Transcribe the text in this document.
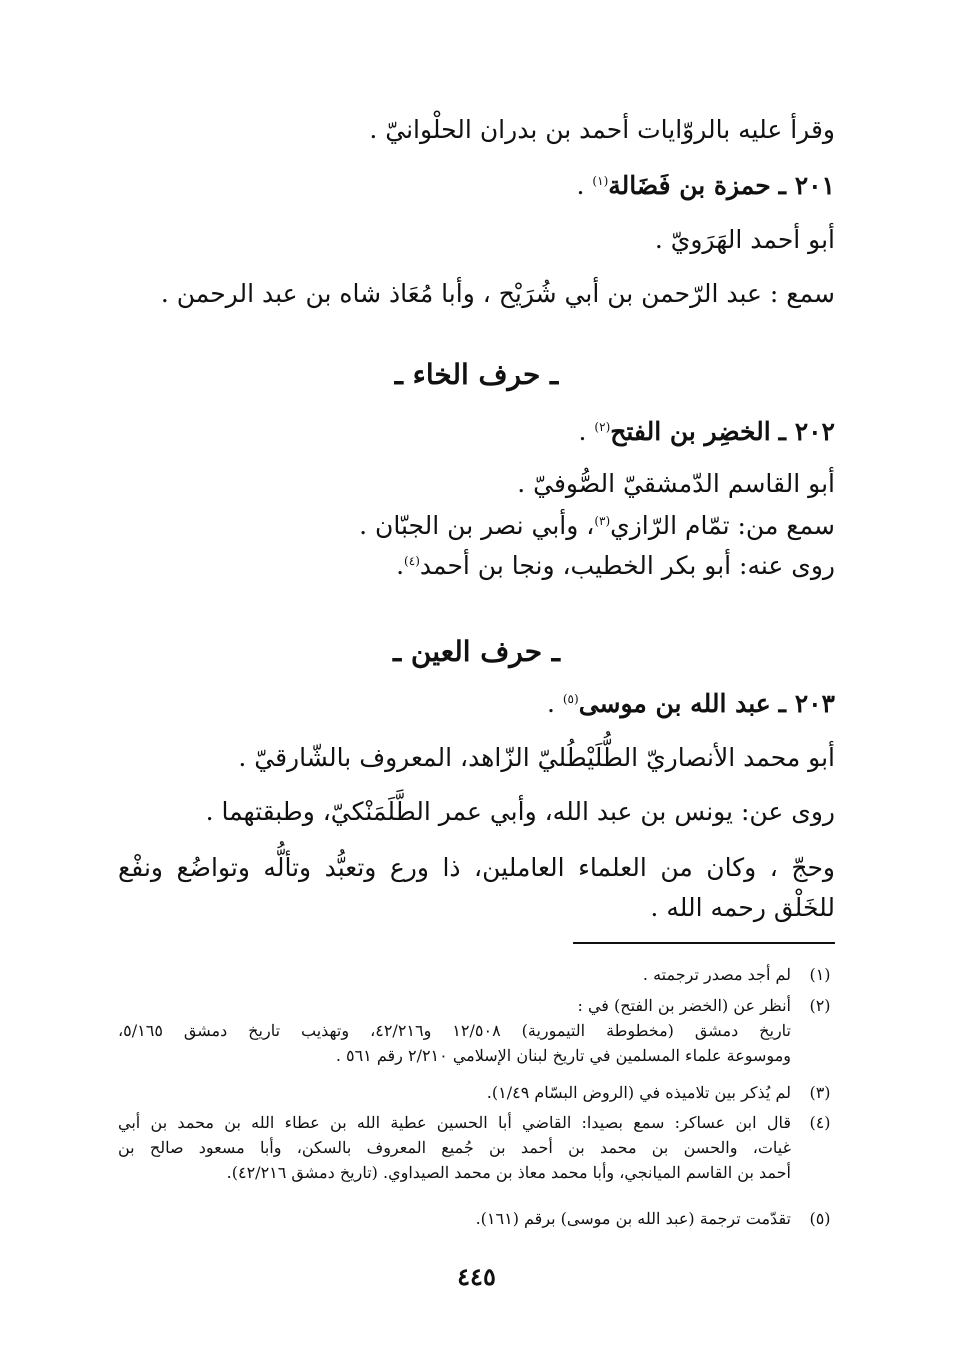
وقرأ عليه بالروّايات أحمد بن بدران الحلْوانيّ .
٢٠١ ـ حمزة بن فَضَالة$^{(١)}$ .
أبو أحمد الهَرَويّ .
سمع : عبد الرّحمن بن أبي شُرَيْح ، وأبا مُعَاذ شاه بن عبد الرحمن .
ـ حرف الخاء ـ
٢٠٢ ـ الخضِر بن الفتح$^{(٢)}$ .
أبو القاسم الدّمشقيّ الصُّوفيّ .
سمع من: تمّام الرّازي$^{(٣)}$، وأبي نصر بن الجبّان .
روى عنه: أبو بكر الخطيب، ونجا بن أحمد$^{(٤)}$.
ـ حرف العين ـ
٢٠٣ ـ عبد الله بن موسى$^{(٥)}$ .
أبو محمد الأنصاريّ الطُّلَيْطُليّ الزّاهد، المعروف بالشّارقيّ .
روى عن: يونس بن عبد الله، وأبي عمر الطَّلَمَنْكيّ، وطبقتهما .
وحجّ ، وكان من العلماء العاملين، ذا ورع وتعبُّد وتألُّه وتواضُع ونفْع
للخَلْق رحمه الله .
(١)
لم أجد مصدر ترجمته .
(٢)
أنظر عن (الخضر بن الفتح) في :
تاريخ دمشق (مخطوطة التيمورية) ١٢/٥٠٨ و٤٢/٢١٦، وتهذيب تاريخ دمشق ٥/١٦٥،
وموسوعة علماء المسلمين في تاريخ لبنان الإسلامي ٢/٢١٠ رقم ٥٦١ .
(٣)
لم يُذكر بين تلاميذه في (الروض البسّام ١/٤٩).
(٤)
قال ابن عساكر: سمع بصيدا: القاضي أبا الحسين عطية الله بن عطاء الله بن محمد بن أبي
غيات، والحسن بن محمد بن أحمد بن جُميع المعروف بالسكن، وأبا مسعود صالح بن
أحمد بن القاسم الميانجي، وأبا محمد معاذ بن محمد الصيداوي. (تاريخ دمشق ٤٢/٢١٦).
(٥)
تقدّمت ترجمة (عبد الله بن موسى) برقم (١٦١).
٤٤٥
